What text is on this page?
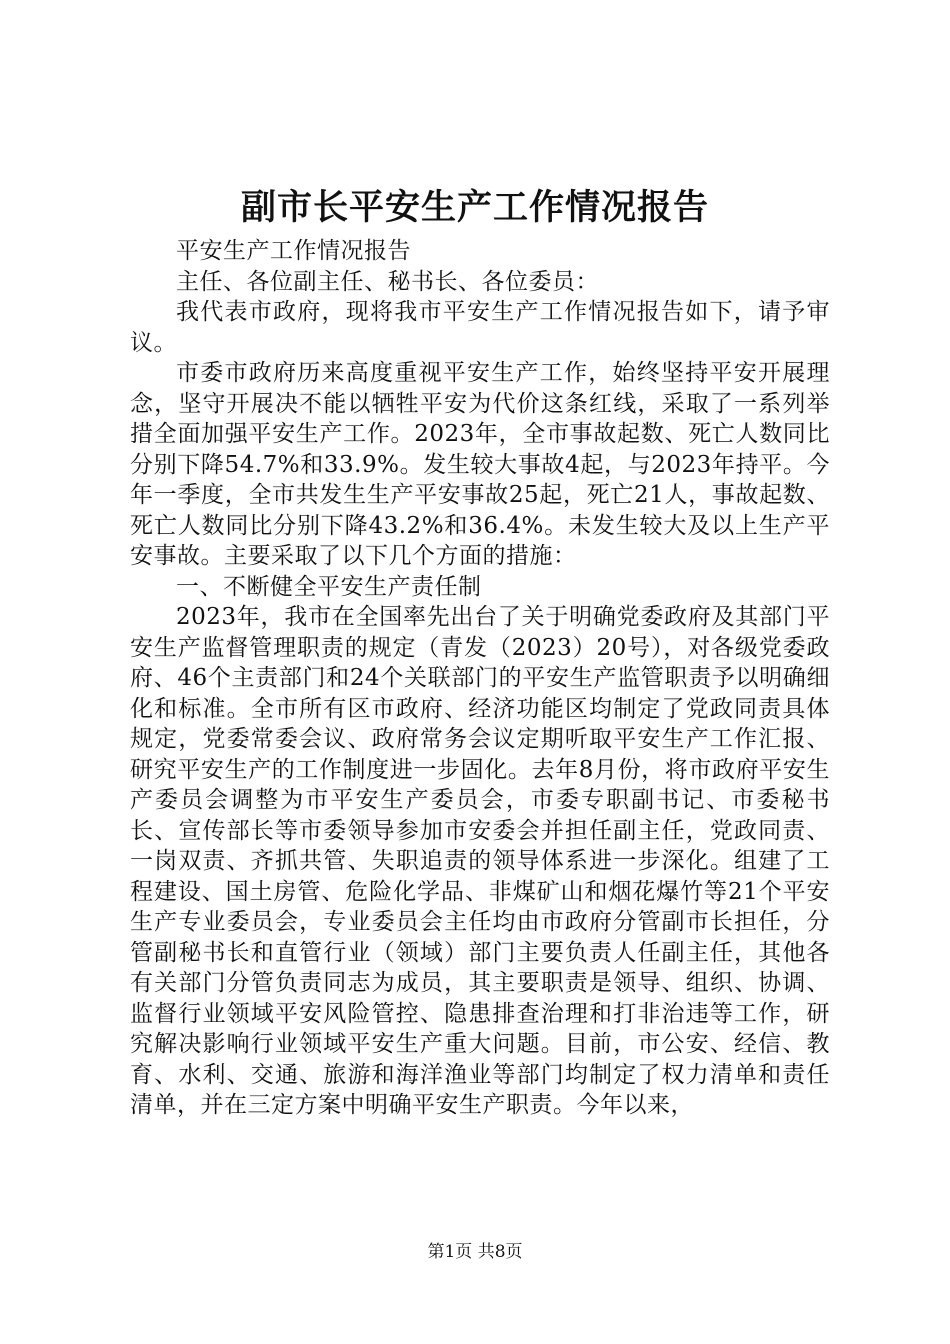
副市长平安生产工作情况报告

平安生产工作情况报告

主任、各位副主任、秘书长、各位委员：

我代表市政府，现将我市平安生产工作情况报告如下，请予审议。

市委市政府历来高度重视平安生产工作，始终坚持平安开展理念，坚守开展决不能以牺牲平安为代价这条红线，采取了一系列举措全面加强平安生产工作。2023年，全市事故起数、死亡人数同比分别下降54.7%和33.9%。发生较大事故4起，与2023年持平。今年一季度，全市共发生生产平安事故25起，死亡21人，事故起数、死亡人数同比分别下降43.2%和36.4%。未发生较大及以上生产平安事故。主要采取了以下几个方面的措施：

一、不断健全平安生产责任制

2023年，我市在全国率先出台了关于明确党委政府及其部门平安生产监督管理职责的规定（青发（2023）20号），对各级党委政府、46个主责部门和24个关联部门的平安生产监管职责予以明确细化和标准。全市所有区市政府、经济功能区均制定了党政同责具体规定，党委常委会议、政府常务会议定期听取平安生产工作汇报、研究平安生产的工作制度进一步固化。去年8月份，将市政府平安生产委员会调整为市平安生产委员会，市委专职副书记、市委秘书长、宣传部长等市委领导参加市安委会并担任副主任，党政同责、一岗双责、齐抓共管、失职追责的领导体系进一步深化。组建了工程建设、国土房管、危险化学品、非煤矿山和烟花爆竹等21个平安生产专业委员会，专业委员会主任均由市政府分管副市长担任，分管副秘书长和直管行业（领域）部门主要负责人任副主任，其他各有关部门分管负责同志为成员，其主要职责是领导、组织、协调、监督行业领域平安风险管控、隐患排查治理和打非治违等工作，研究解决影响行业领域平安生产重大问题。目前，市公安、经信、教育、水利、交通、旅游和海洋渔业等部门均制定了权力清单和责任清单，并在三定方案中明确平安生产职责。今年以来，

第1页 共8页
